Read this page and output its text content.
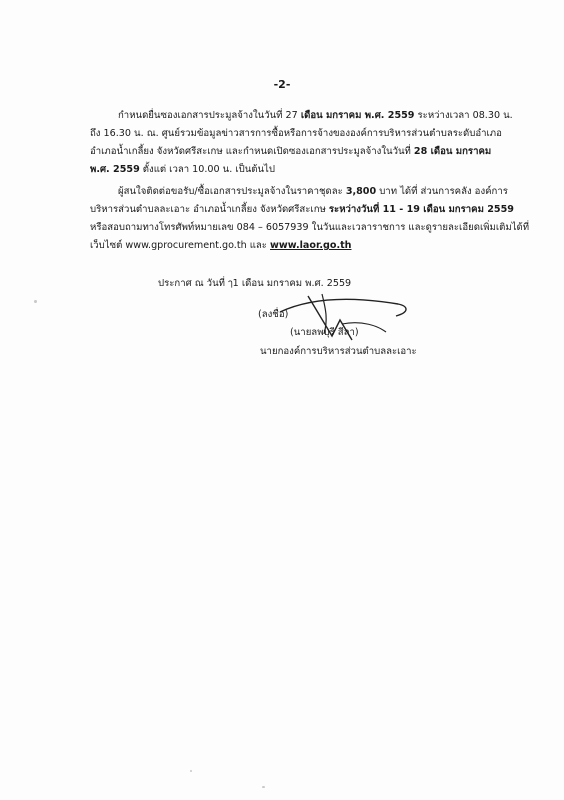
-2-
กำหนดยื่นซองเอกสารประมูลจ้างในวันที่ 27 เดือน มกราคม พ.ศ. 2559 ระหว่างเวลา 08.30 น.
ถึง 16.30 น. ณ. ศูนย์รวมข้อมูลข่าวสารการซื้อหรือการจ้างขององค์การบริหารส่วนตำบลระดับอำเภอ
อำเภอน้ำเกลี้ยง จังหวัดศรีสะเกษ และกำหนดเปิดซองเอกสารประมูลจ้างในวันที่ 28 เดือน มกราคม
พ.ศ. 2559 ตั้งแต่ เวลา 10.00 น. เป็นต้นไป
ผู้สนใจติดต่อขอรับ/ซื้อเอกสารประมูลจ้างในราคาชุดละ 3,800 บาท ได้ที่ ส่วนการคลัง องค์การ
บริหารส่วนตำบลละเอาะ อำเภอน้ำเกลี้ยง จังหวัดศรีสะเกษ ระหว่างวันที่ 11 - 19 เดือน มกราคม 2559
หรือสอบถามทางโทรศัพท์หมายเลข 084 – 6057939 ในวันและเวลาราชการ และดูรายละเอียดเพิ่มเติมได้ที่
เว็บไซต์ www.gprocurement.go.th และ www.laor.go.th
ประกาศ ณ วันที่ ๅ1 เดือน มกราคม พ.ศ. 2559
(ลงชื่อ)
(นายลพบุรี สีลา)
นายกองค์การบริหารส่วนตำบลละเอาะ
